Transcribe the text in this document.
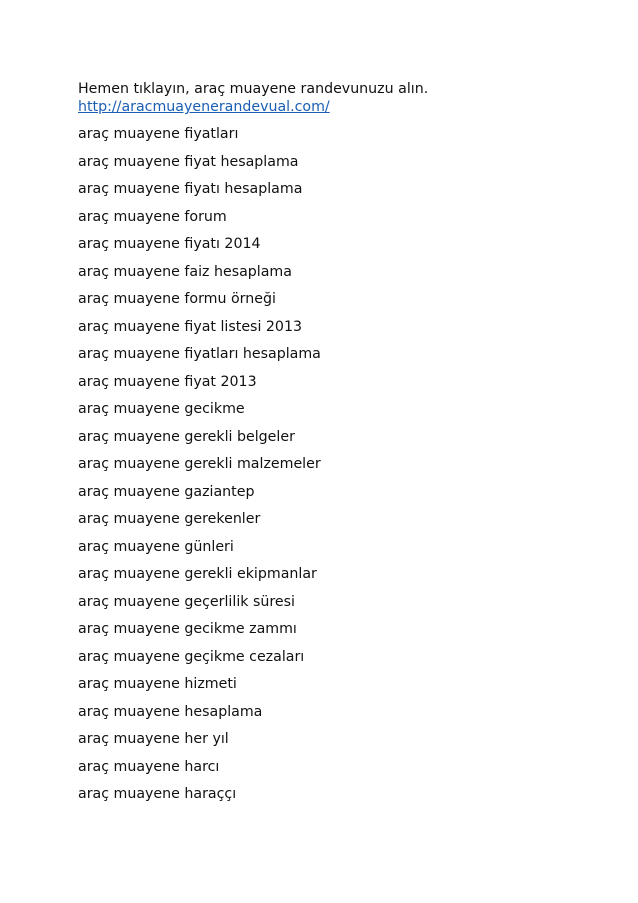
Hemen tıklayın, araç muayene randevunuzu alın.

http://aracmuayenerandevual.com/
araç muayene fiyatları
araç muayene fiyat hesaplama
araç muayene fiyatı hesaplama
araç muayene forum
araç muayene fiyatı 2014
araç muayene faiz hesaplama
araç muayene formu örneği
araç muayene fiyat listesi 2013
araç muayene fiyatları hesaplama
araç muayene fiyat 2013
araç muayene gecikme
araç muayene gerekli belgeler
araç muayene gerekli malzemeler
araç muayene gaziantep
araç muayene gerekenler
araç muayene günleri
araç muayene gerekli ekipmanlar
araç muayene geçerlilik süresi
araç muayene gecikme zammı
araç muayene geçikme cezaları
araç muayene hizmeti
araç muayene hesaplama
araç muayene her yıl
araç muayene harcı
araç muayene haraççı
